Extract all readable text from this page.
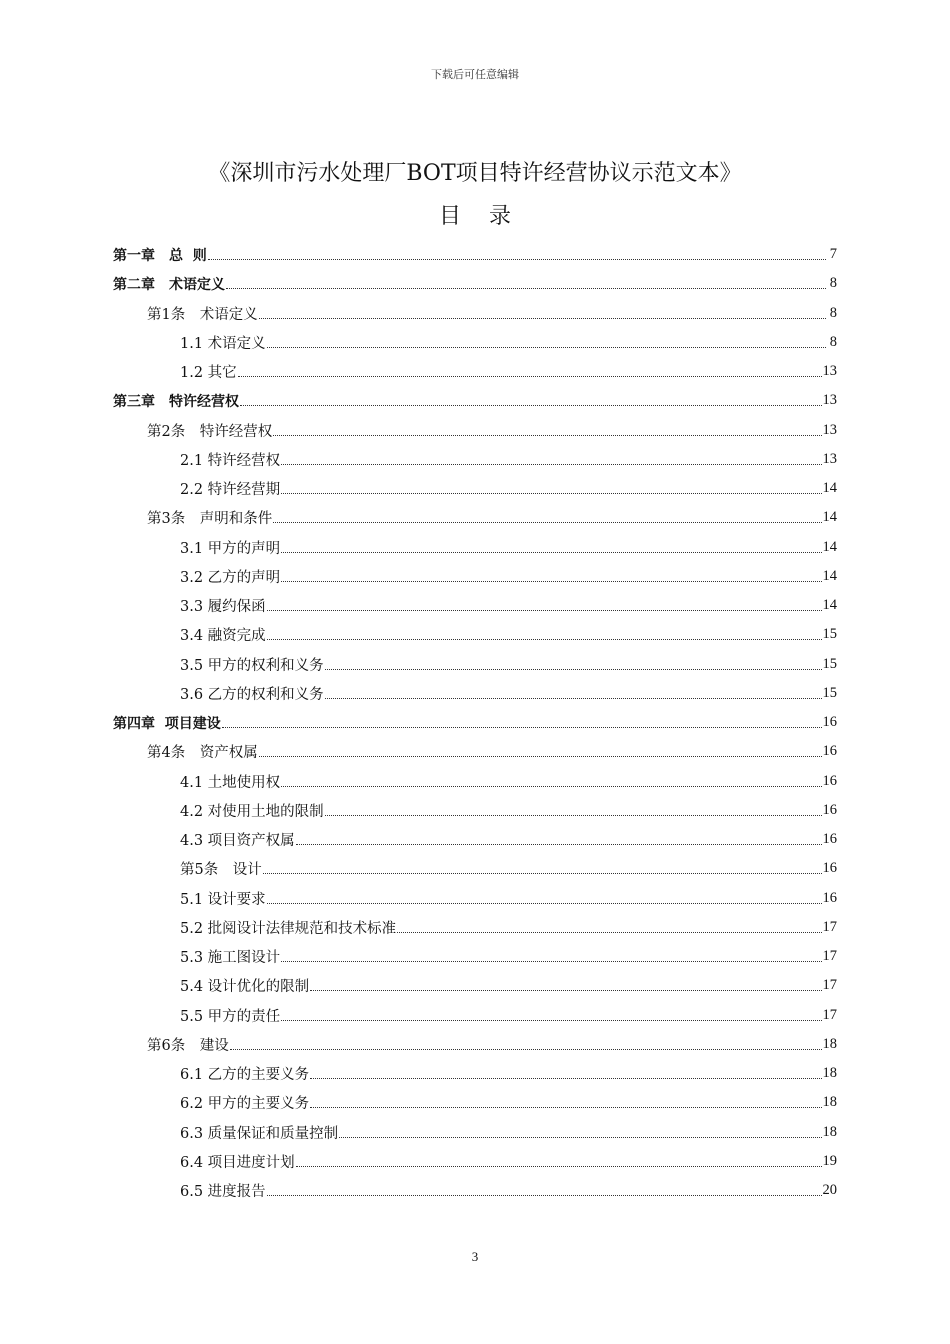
下载后可任意编辑
《深圳市污水处理厂BOT项目特许经营协议示范文本》
目录
第一章　总  则	7
第二章　术语定义	8
第1条　术语定义	8
1.1 术语定义	8
1.2 其它	13
第三章　特许经营权	13
第2条　特许经营权	13
2.1 特许经营权	13
2.2 特许经营期	14
第3条　声明和条件	14
3.1 甲方的声明	14
3.2 乙方的声明	14
3.3 履约保函	14
3.4 融资完成	15
3.5 甲方的权利和义务	15
3.6 乙方的权利和义务	15
第四章  项目建设	16
第4条　资产权属	16
4.1 土地使用权	16
4.2 对使用土地的限制	16
4.3 项目资产权属	16
第5条　设计	16
5.1 设计要求	16
5.2 批阅设计法律规范和技术标准	17
5.3 施工图设计	17
5.4 设计优化的限制	17
5.5 甲方的责任	17
第6条　建设	18
6.1 乙方的主要义务	18
6.2 甲方的主要义务	18
6.3 质量保证和质量控制	18
6.4 项目进度计划	19
6.5 进度报告	20
3
